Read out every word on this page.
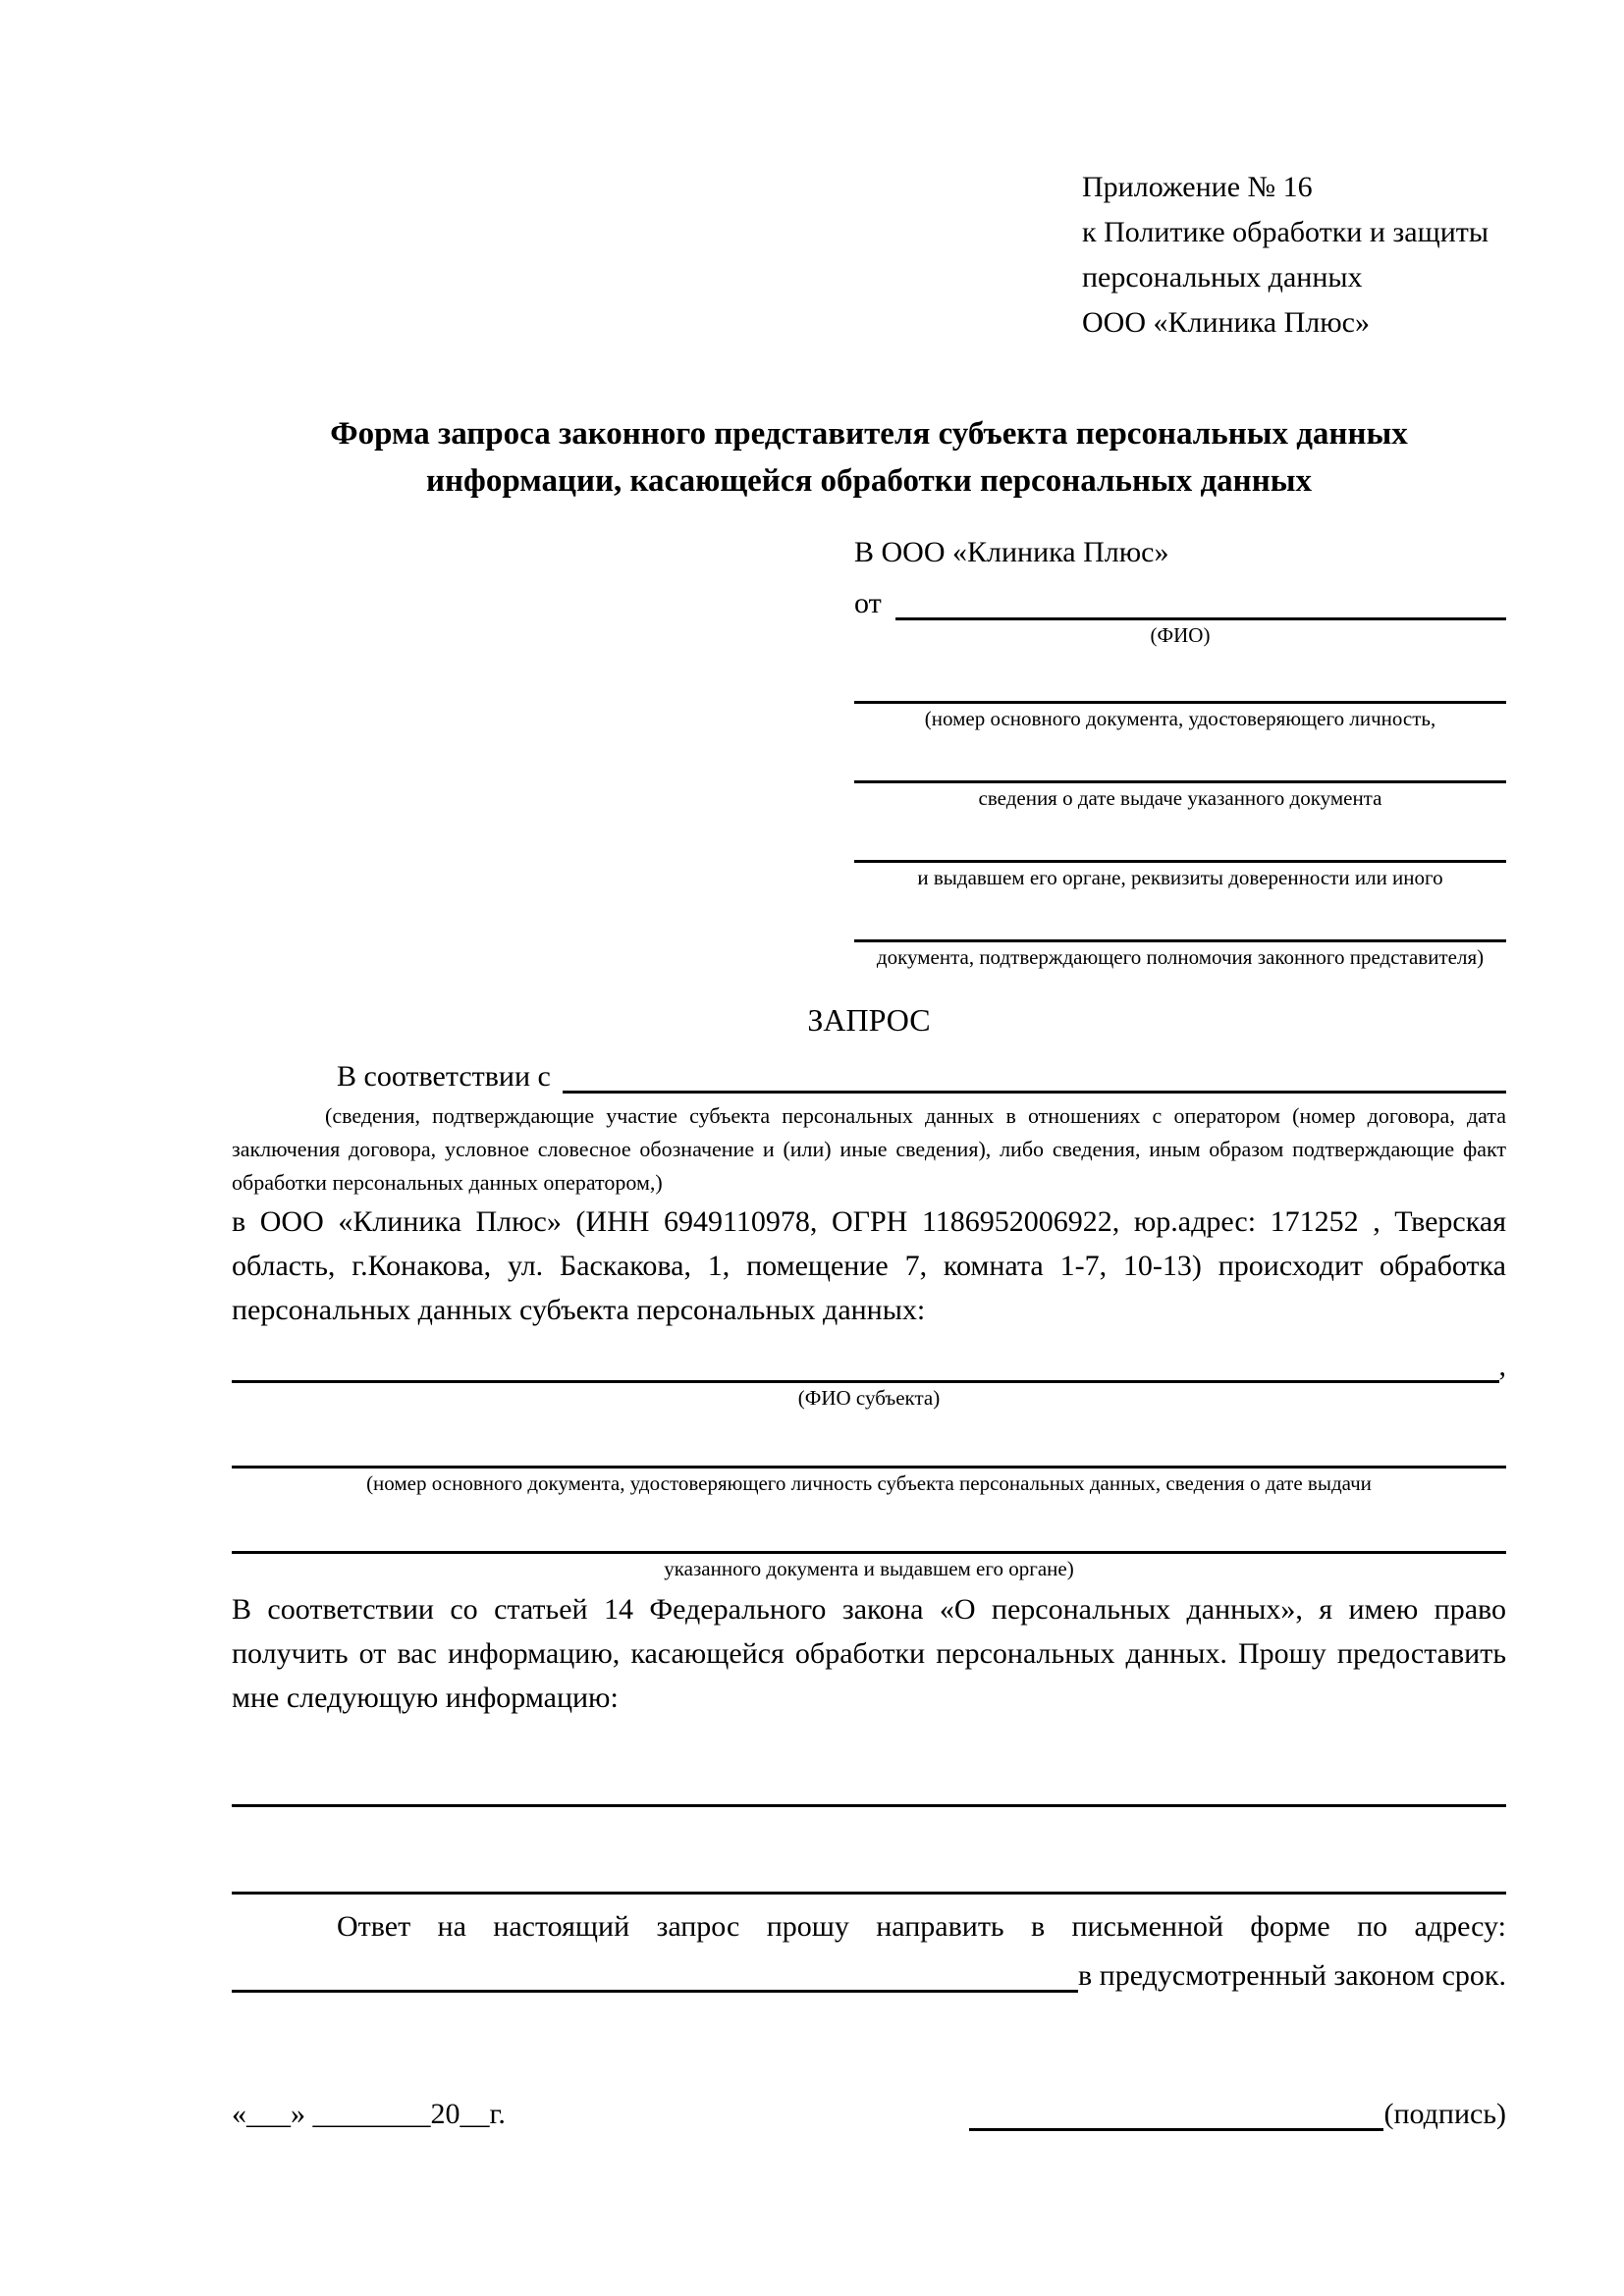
Приложение № 16
к Политике обработки и защиты
персональных данных
ООО «Клиника Плюс»
Форма запроса законного представителя субъекта персональных данных
информации, касающейся обработки персональных данных
В ООО «Клиника Плюс»
от
(ФИО)
(номер основного документа, удостоверяющего личность,
сведения о дате выдаче указанного документа
и выдавшем его органе, реквизиты доверенности или иного
документа, подтверждающего полномочия законного представителя)
ЗАПРОС
В соответствии с
(сведения, подтверждающие участие субъекта персональных данных в отношениях с оператором (номер договора, дата заключения договора, условное словесное обозначение и (или) иные сведения), либо сведения, иным образом подтверждающие факт обработки персональных данных оператором,)
в ООО «Клиника Плюс» (ИНН 6949110978, ОГРН 1186952006922, юр.адрес: 171252 , Тверская область, г.Конакова, ул. Баскакова, 1, помещение 7, комната 1-7, 10-13) происходит обработка персональных данных субъекта персональных данных:
,
(ФИО субъекта)
(номер основного документа, удостоверяющего личность субъекта персональных данных, сведения о дате выдачи
указанного документа и выдавшем его органе)
В соответствии со статьей 14 Федерального закона «О персональных данных», я имею право получить от вас информацию, касающейся обработки персональных данных. Прошу предоставить мне следующую информацию:
Ответ на настоящий запрос прошу направить в письменной форме по адресу:
в предусмотренный законом срок.
«___» ________20__г.	(подпись)
